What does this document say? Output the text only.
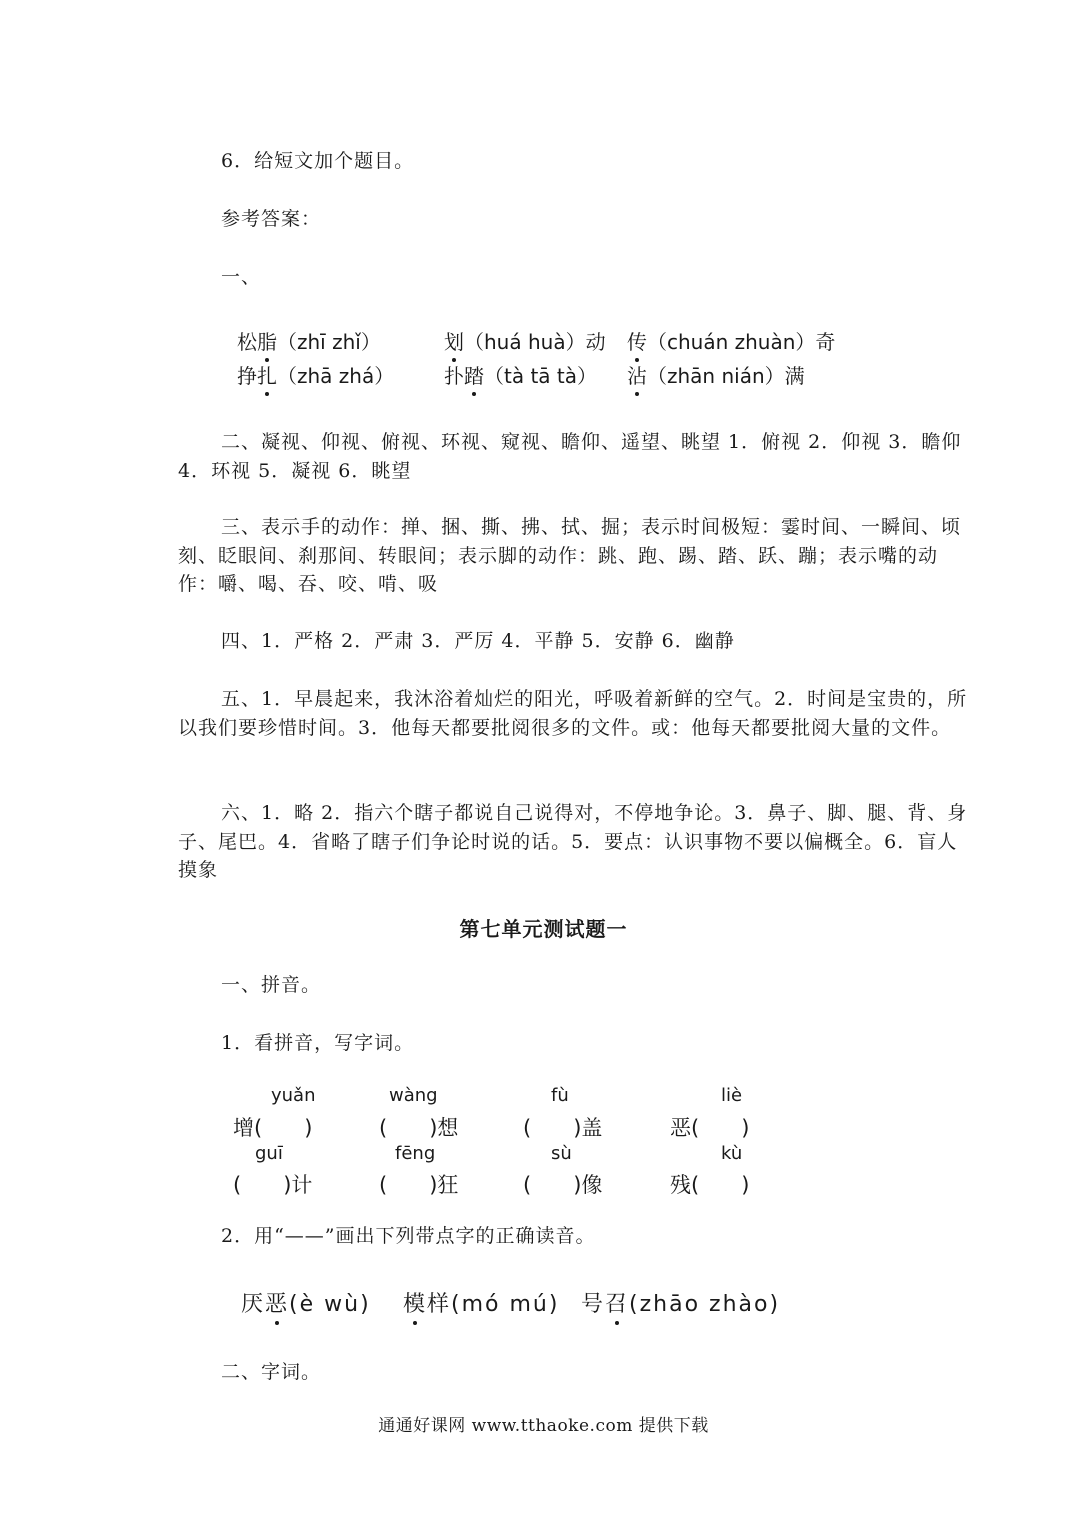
6．给短文加个题目。

参考答案：

一、

松脂（zhī zhǐ）	划（huá huà）动 传（chuán zhuàn）奇
挣扎（zhā zhá） 扑踏（tà tā tà） 沾（zhān nián）满

二、凝视、仰视、俯视、环视、窥视、瞻仰、遥望、眺望 1．俯视 2．仰视 3．瞻仰 4．环视 5．凝视 6．眺望

三、表示手的动作：掸、捆、撕、拂、拭、掘；表示时间极短：霎时间、一瞬间、顷刻、眨眼间、刹那间、转眼间；表示脚的动作：跳、跑、踢、踏、跃、蹦；表示嘴的动作：嚼、喝、吞、咬、啃、吸

四、1．严格 2．严肃 3．严厉 4．平静 5．安静 6．幽静

五、1．早晨起来，我沐浴着灿烂的阳光，呼吸着新鲜的空气。2．时间是宝贵的，所以我们要珍惜时间。3．他每天都要批阅很多的文件。或：他每天都要批阅大量的文件。

六、1．略 2．指六个瞎子都说自己说得对，不停地争论。3．鼻子、脚、腿、背、身子、尾巴。4．省略了瞎子们争论时说的话。5．要点：认识事物不要以偏概全。6．盲人摸象

第七单元测试题一

一、拼音。

1．看拼音，写字词。

yuǎn	wàng	fù	liè
增(　　)	(　　)想	(　　)盖	恶(　　)
guī	fēng	sù	kù
(　　)计	(　　)狂	(　　)像	残(　　)

2．用“——”画出下列带点字的正确读音。

厌恶(è wù) 模样(mó mú) 号召(zhāo zhào)

二、字词。

通通好课网 www.tthaoke.com 提供下载
